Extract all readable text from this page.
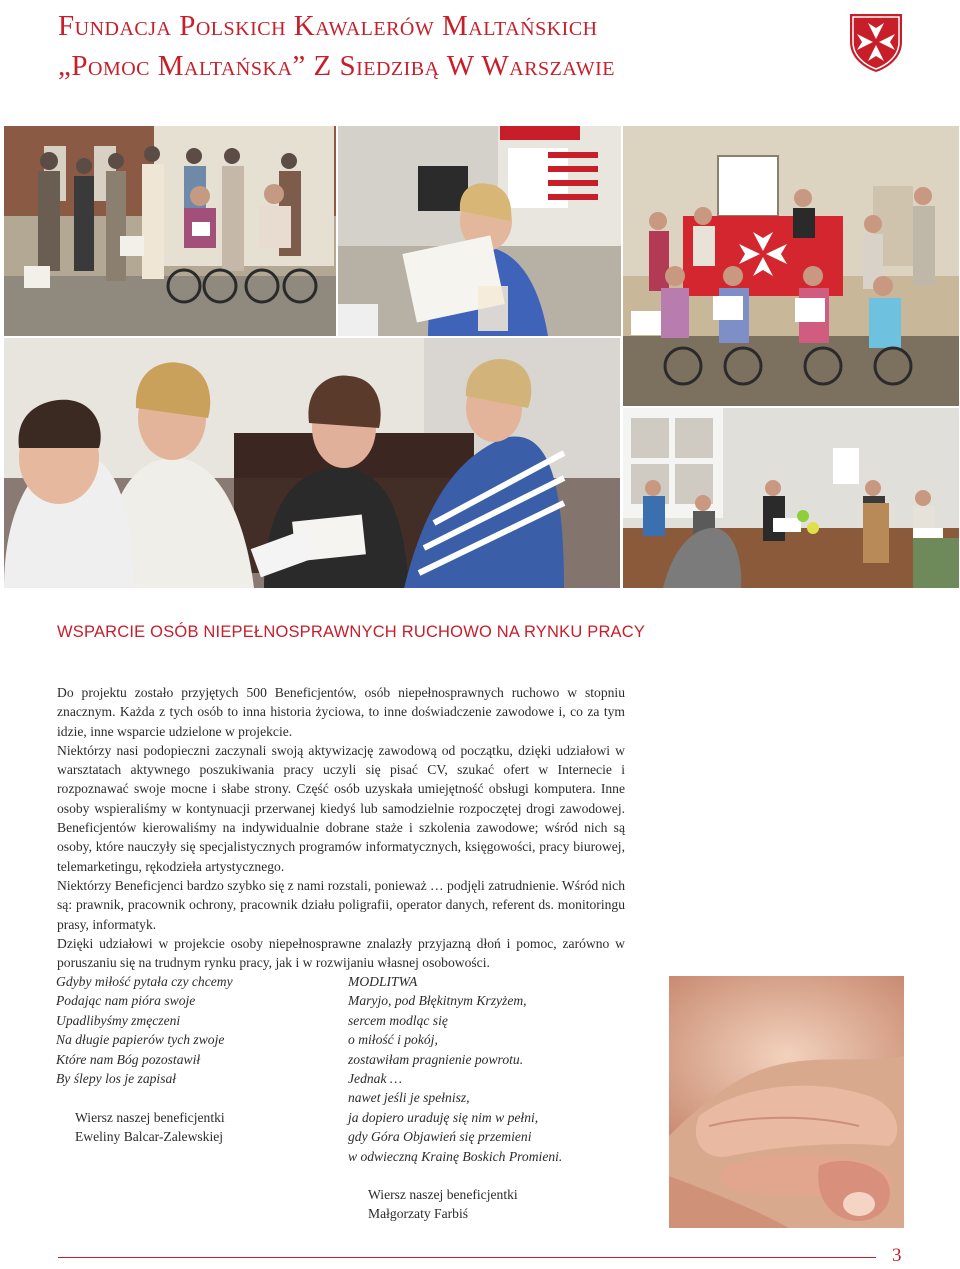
Fundacja Polskich Kawalerów Maltańskich
„Pomoc Maltańska” Z Siedzibą W Warszawie
WSPARCIE OSÓB NIEPEŁNOSPRAWNYCH RUCHOWO NA RYNKU PRACY

Do projektu zostało przyjętych 500 Beneficjentów, osób niepełnosprawnych ruchowo w stopniu znacznym. Każda z tych osób to inna historia życiowa, to inne doświadczenie zawodowe i, co za tym idzie, inne wsparcie udzielone w projekcie.

Niektórzy nasi podopieczni zaczynali swoją aktywizację zawodową od początku, dzięki udziałowi w warsztatach aktywnego poszukiwania pracy uczyli się pisać CV, szukać ofert w Internecie i rozpoznawać swoje mocne i słabe strony. Część osób uzyskała umiejętność obsługi komputera. Inne osoby wspieraliśmy w kontynuacji przerwanej kiedyś lub samodzielnie rozpoczętej drogi zawodowej. Beneficjentów kierowaliśmy na indywidualnie dobrane staże i szkolenia zawodowe; wśród nich są osoby, które nauczyły się specjalistycznych programów informatycznych, księgowości, pracy biurowej, telemarketingu, rękodzieła artystycznego.

Niektórzy Beneficjenci bardzo szybko się z nami rozstali, ponieważ … podjęli zatrudnienie. Wśród nich są: prawnik, pracownik ochrony, pracownik działu poligrafii, operator danych, referent ds. monitoringu prasy, informatyk.

Dzięki udziałowi w projekcie osoby niepełnosprawne znalazły przyjazną dłoń i pomoc, zarówno w poruszaniu się na trudnym rynku pracy, jak i w rozwijaniu własnej osobowości.

Gdyby miłość pytała czy chcemy
Podając nam pióra swoje
Upadlibyśmy zmęczeni
Na długie papierów tych zwoje
Które nam Bóg pozostawił
By ślepy los je zapisał
Wiersz naszej beneficjentki
Eweliny Balcar-Zalewskiej
MODLITWA
Maryjo, pod Błękitnym Krzyżem,
sercem modląc się
o miłość i pokój,
zostawiłam pragnienie powrotu.
Jednak …
nawet jeśli je spełnisz,
ja dopiero uraduję się nim w pełni,
gdy Góra Objawień się przemieni
w odwieczną Krainę Boskich Promieni.
Wiersz naszej beneficjentki
Małgorzaty Farbiś
3
